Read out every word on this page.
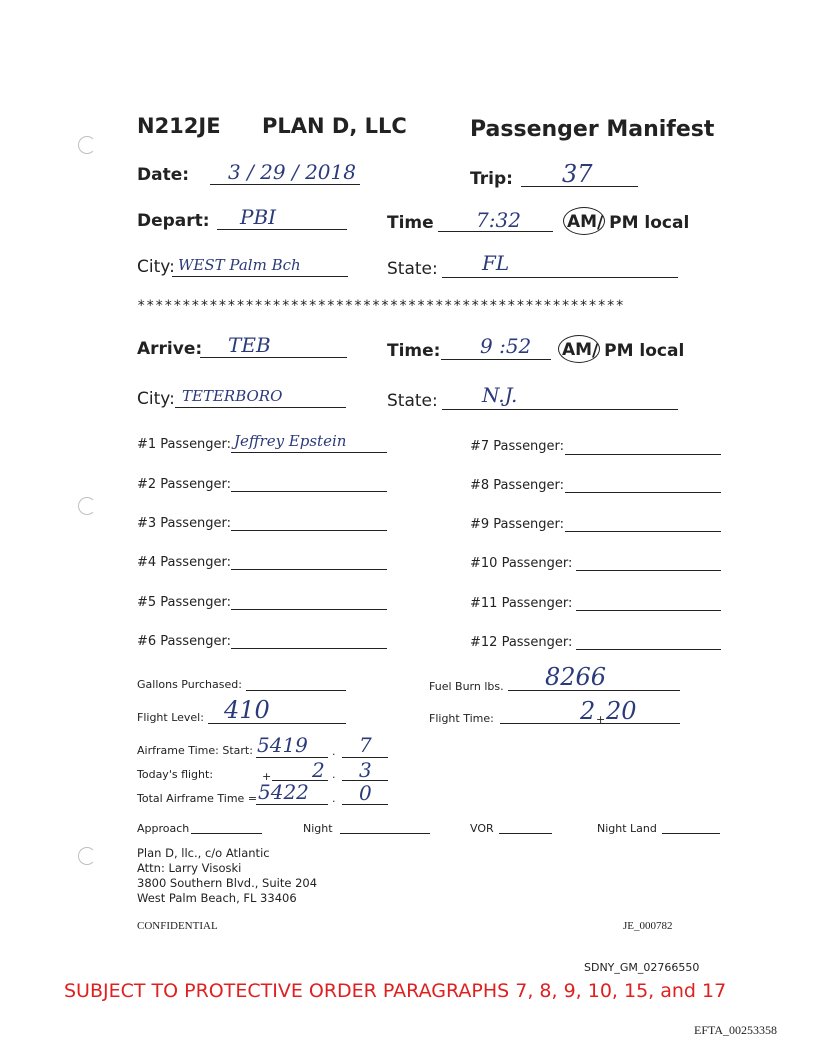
N212JE PLAN D, LLC	Passenger Manifest
Date: 3 / 29 / 2018	Trip: 37
Depart: PBI	Time 7:32	AM / PM local
City: WEST Palm Bch	State: FL
******************************************************
Arrive: TEB	Time: 9 :52 AM / PM local
City: TETERBORO	State: N.J.
#1 Passenger: Jeffrey Epstein
#2 Passenger:
#3 Passenger:
#4 Passenger:
#5 Passenger:
#6 Passenger:
#7 Passenger:
#8 Passenger:
#9 Passenger:
#10 Passenger:
#11 Passenger:
#12 Passenger:
Gallons Purchased:	Fuel Burn lbs. 8266
Flight Level: 410	Flight Time:	2 + 20
Airframe Time: Start: 5419 . 7
Today's flight:	+ 2 . 3
Total Airframe Time = 5422 . 0
Approach	Night	VOR	Night Land
Plan D, llc., c/o Atlantic
Attn: Larry Visoski
3800 Southern Blvd., Suite 204
West Palm Beach, FL 33406
CONFIDENTIAL	JE_000782
SDNY_GM_02766550
SUBJECT TO PROTECTIVE ORDER PARAGRAPHS 7, 8, 9, 10, 15, and 17
EFTA_00253358
